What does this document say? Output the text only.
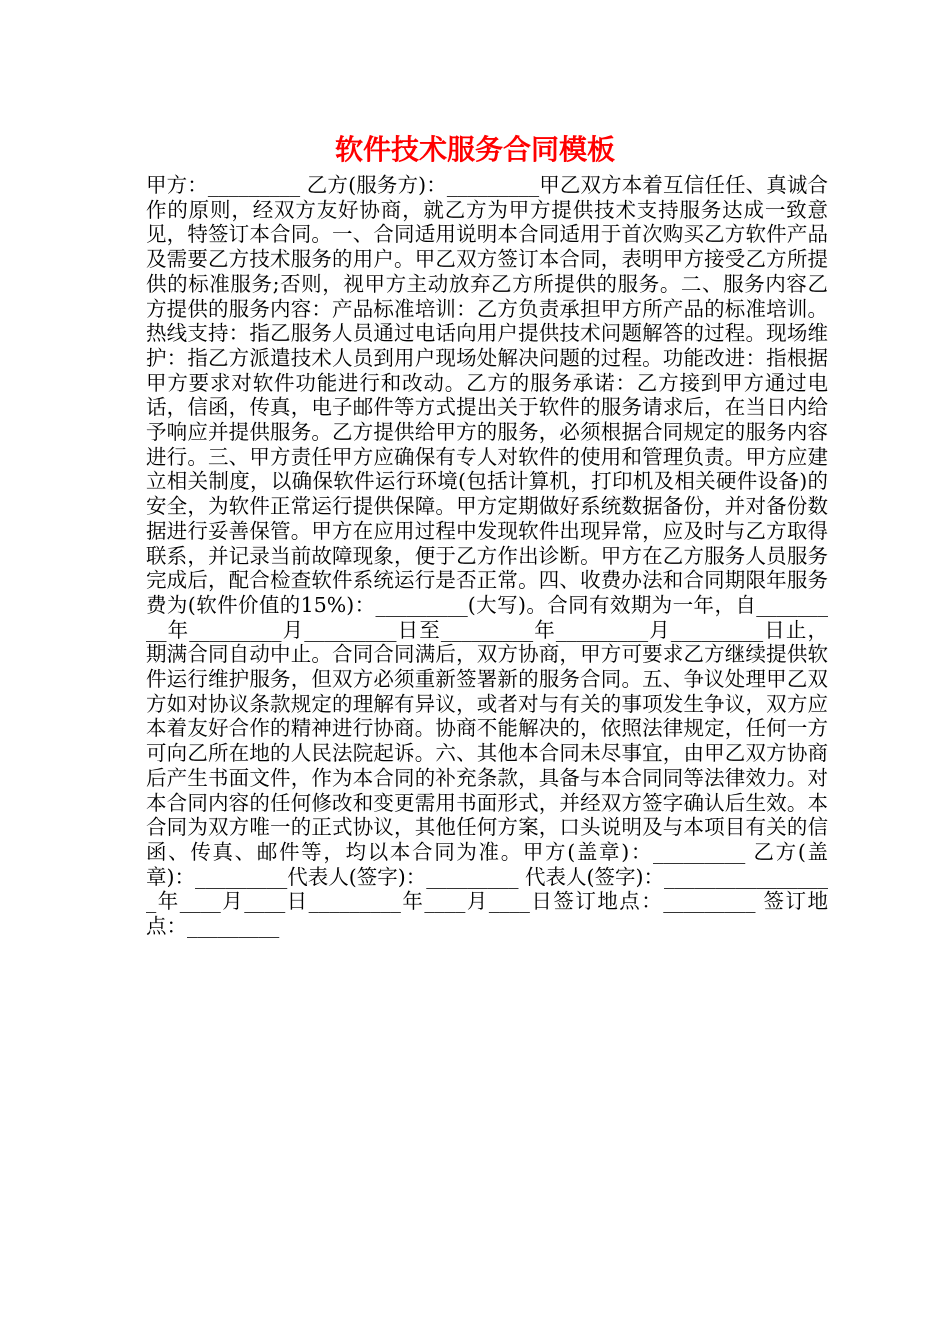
软件技术服务合同模板
甲方：_________ 乙方(服务方)：_________甲乙双方本着互信任任、真诚合作的原则，经双方友好协商，就乙方为甲方提供技术支持服务达成一致意见，特签订本合同。一、合同适用说明本合同适用于首次购买乙方软件产品及需要乙方技术服务的用户。甲乙双方签订本合同，表明甲方接受乙方所提供的标准服务;否则，视甲方主动放弃乙方所提供的服务。二、服务内容乙方提供的服务内容：产品标准培训：乙方负责承担甲方所产品的标准培训。热线支持：指乙服务人员通过电话向用户提供技术问题解答的过程。现场维护：指乙方派遣技术人员到用户现场处解决问题的过程。功能改进：指根据甲方要求对软件功能进行和改动。乙方的服务承诺：乙方接到甲方通过电话，信函，传真，电子邮件等方式提出关于软件的服务请求后，在当日内给予响应并提供服务。乙方提供给甲方的服务，必须根据合同规定的服务内容进行。三、甲方责任甲方应确保有专人对软件的使用和管理负责。甲方应建立相关制度，以确保软件运行环境(包括计算机，打印机及相关硬件设备)的安全，为软件正常运行提供保障。甲方定期做好系统数据备份，并对备份数据进行妥善保管。甲方在应用过程中发现软件出现异常，应及时与乙方取得联系，并记录当前故障现象，便于乙方作出诊断。甲方在乙方服务人员服务完成后，配合检查软件系统运行是否正常。四、收费办法和合同期限年服务费为(软件价值的15%)：_________(大写)。合同有效期为一年，自_________年_________月_________日至_________年_________月_________日止，期满合同自动中止。合同合同满后，双方协商，甲方可要求乙方继续提供软件运行维护服务，但双方必须重新签署新的服务合同。五、争议处理甲乙双方如对协议条款规定的理解有异议，或者对与有关的事项发生争议，双方应本着友好合作的精神进行协商。协商不能解决的，依照法律规定，任何一方可向乙所在地的人民法院起诉。六、其他本合同未尽事宜，由甲乙双方协商后产生书面文件，作为本合同的补充条款，具备与本合同同等法律效力。对本合同内容的任何修改和变更需用书面形式，并经双方签字确认后生效。本合同为双方唯一的正式协议，其他任何方案，口头说明及与本项目有关的信函、传真、邮件等，均以本合同为准。甲方(盖章)：_________ 乙方(盖章)：_________代表人(签字)：_________ 代表人(签字)：_________________年____月____日_________年____月____日签订地点：_________ 签订地点：_________
